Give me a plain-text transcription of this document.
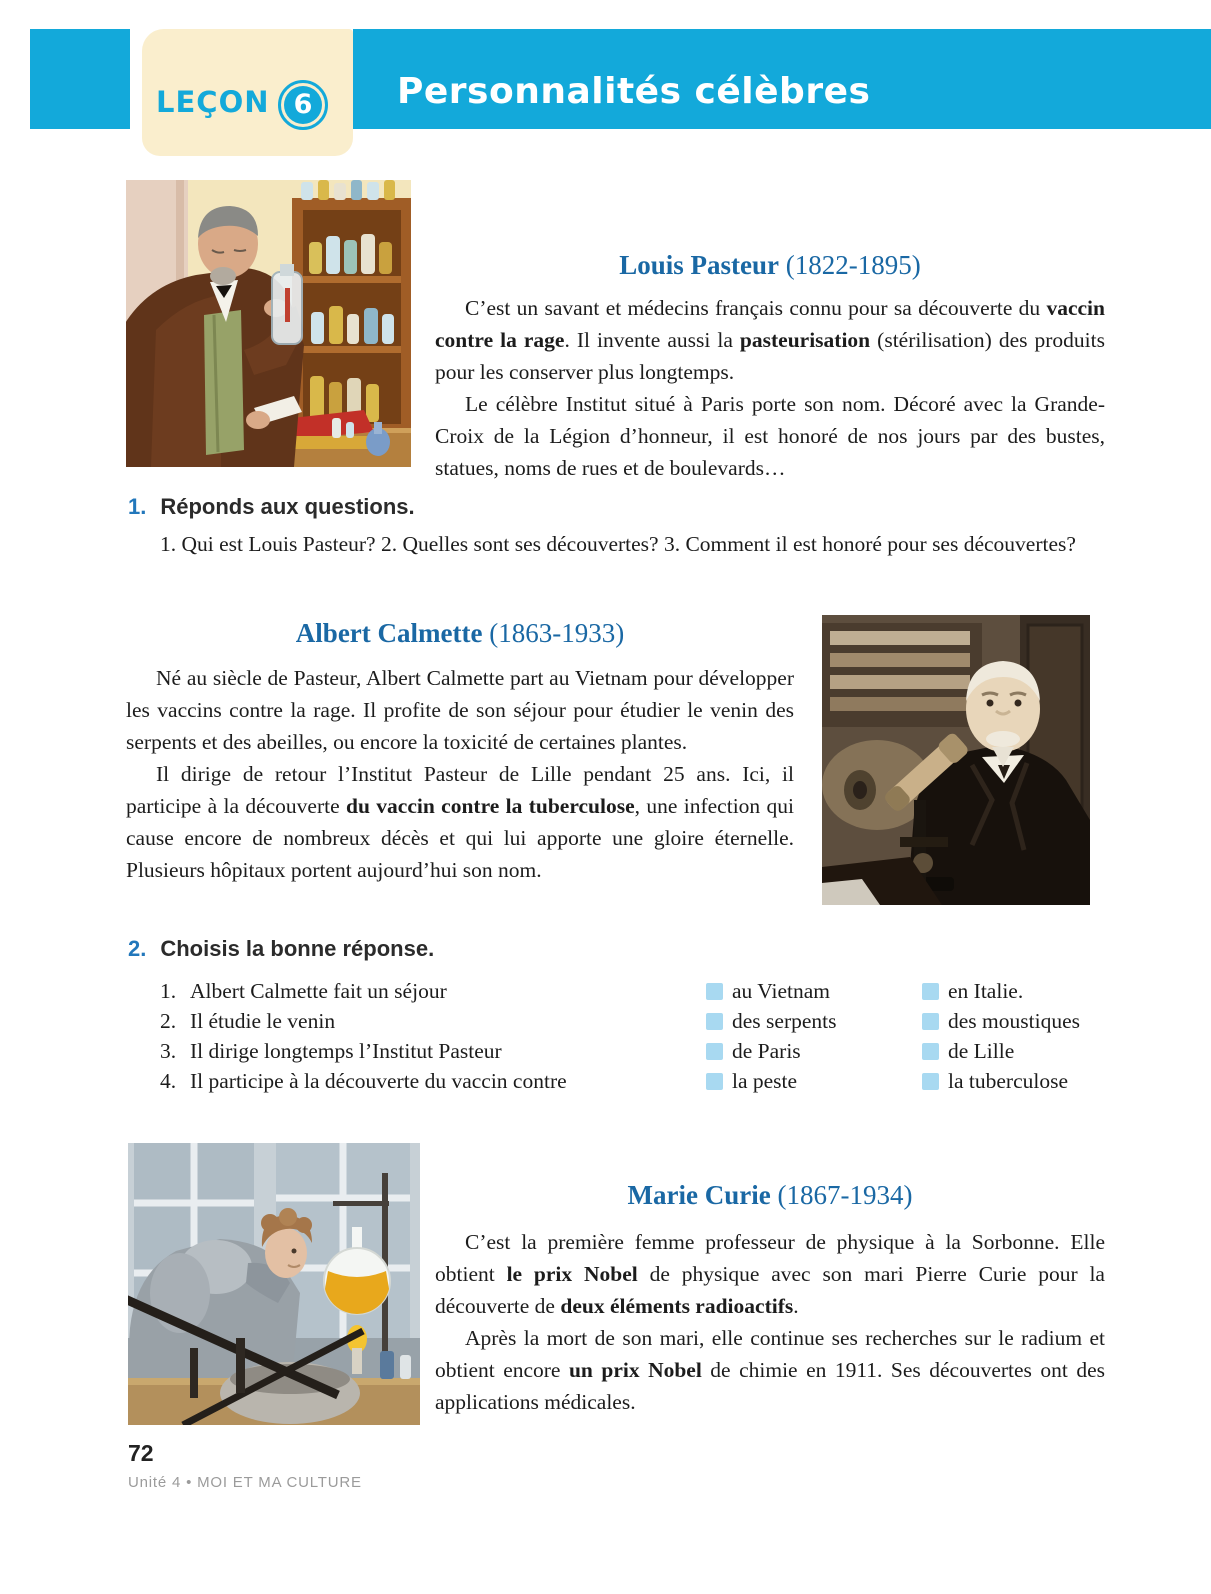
Personnalités célèbres
LEÇON 6
Louis Pasteur (1822-1895)

C’est un savant et médecins français connu pour sa découverte du vaccin contre la rage. Il invente aussi la pasteurisation (stérilisation) des produits pour les conserver plus longtemps.

Le célèbre Institut situé à Paris porte son nom. Décoré avec la Grande-Croix de la Légion d’honneur, il est honoré de nos jours par des bustes, statues, noms de rues et de boulevards…

1. Réponds aux questions.
1. Qui est Louis Pasteur? 2. Quelles sont ses découvertes? 3. Comment il est honoré pour ses découvertes?
Albert Calmette (1863-1933)

Né au siècle de Pasteur, Albert Calmette part au Vietnam pour développer les vaccins contre la rage. Il profite de son séjour pour étudier le venin des serpents et des abeilles, ou encore la toxicité de certaines plantes.

Il dirige de retour l’Institut Pasteur de Lille pendant 25 ans. Ici, il participe à la découverte du vaccin contre la tuberculose, une infection qui cause encore de nombreux décès et qui lui apporte une gloire éternelle. Plusieurs hôpitaux portent aujourd’hui son nom.

2. Choisis la bonne réponse.
1. Albert Calmette fait un séjour	au Vietnam	en Italie.
2. Il étudie le venin	des serpents	des moustiques
3. Il dirige longtemps l’Institut Pasteur	de Paris	de Lille
4. Il participe à la découverte du vaccin contre	la peste	la tuberculose
Marie Curie (1867-1934)

C’est la première femme professeur de physique à la Sorbonne. Elle obtient le prix Nobel de physique avec son mari Pierre Curie pour la découverte de deux éléments radioactifs.

Après la mort de son mari, elle continue ses recherches sur le radium et obtient encore un prix Nobel de chimie en 1911. Ses découvertes ont des applications médicales.

72
Unité 4 • MOI ET MA CULTURE
